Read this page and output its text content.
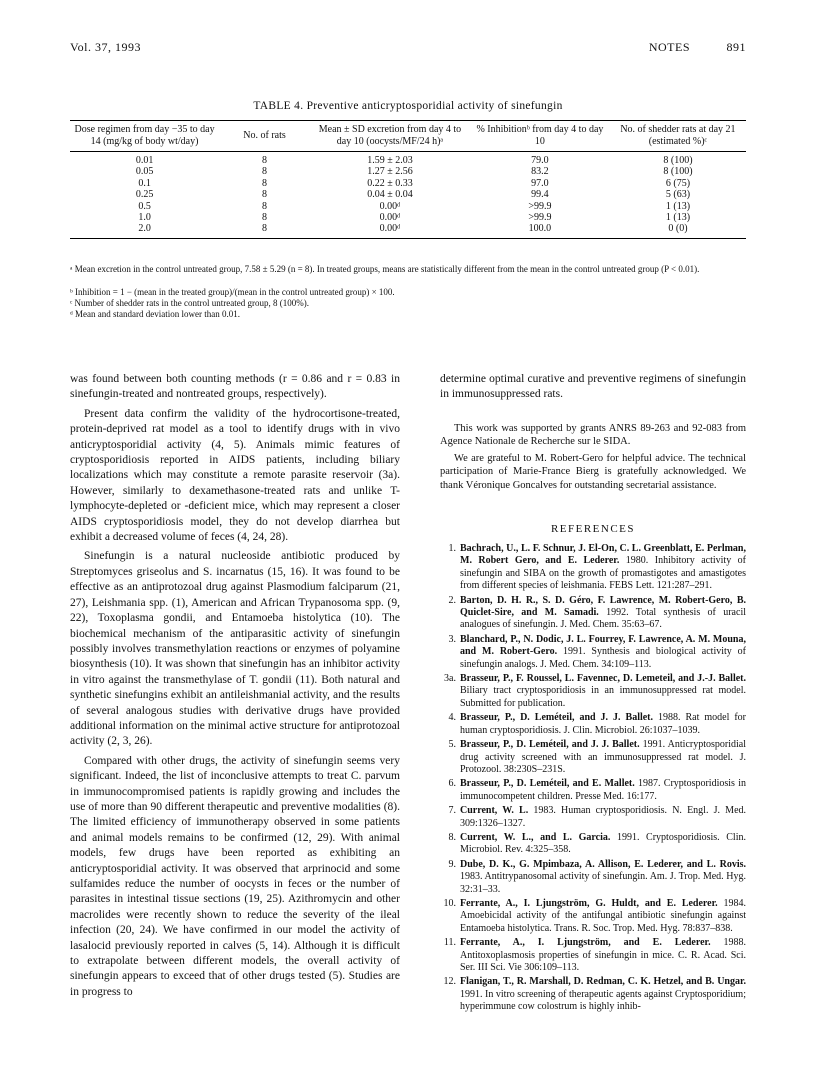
Vol. 37, 1993	NOTES	891
TABLE 4. Preventive anticryptosporidial activity of sinefungin
Dose regimen from day −35 to day 14 (mg/kg of body wt/day)	No. of rats	Mean ± SD excretion from day 4 to day 10 (oocysts/MF/24 h)ᵃ	% Inhibitionᵇ from day 4 to day 10	No. of shedder rats at day 21 (estimated %)ᶜ
0.01	8	1.59 ± 2.03	79.0	8 (100)
0.05	8	1.27 ± 2.56	83.2	8 (100)
0.1	8	0.22 ± 0.33	97.0	6 (75)
0.25	8	0.04 ± 0.04	99.4	5 (63)
0.5	8	0.00ᵈ	>99.9	1 (13)
1.0	8	0.00ᵈ	>99.9	1 (13)
2.0	8	0.00ᵈ	100.0	0 (0)
ᵃ Mean excretion in the control untreated group, 7.58 ± 5.29 (n = 8). In treated groups, means are statistically different from the mean in the control untreated group (P < 0.01).
ᵇ Inhibition = 1 − (mean in the treated group)/(mean in the control untreated group) × 100.
ᶜ Number of shedder rats in the control untreated group, 8 (100%).
ᵈ Mean and standard deviation lower than 0.01.

was found between both counting methods (r = 0.86 and r = 0.83 in sinefungin-treated and nontreated groups, respectively).

Present data confirm the validity of the hydrocortisone-treated, protein-deprived rat model as a tool to identify drugs with in vivo anticryptosporidial activity (4, 5). Animals mimic features of cryptosporidiosis reported in AIDS patients, including biliary localizations which may constitute a remote parasite reservoir (3a). However, similarly to dexamethasone-treated rats and unlike T-lymphocyte-depleted or -deficient mice, which may represent a closer AIDS cryptosporidiosis model, they do not develop diarrhea but exhibit a decreased volume of feces (4, 24, 28).

Sinefungin is a natural nucleoside antibiotic produced by Streptomyces griseolus and S. incarnatus (15, 16). It was found to be effective as an antiprotozoal drug against Plasmodium falciparum (21, 27), Leishmania spp. (1), American and African Trypanosoma spp. (9, 22), Toxoplasma gondii, and Entamoeba histolytica (10). The biochemical mechanism of the antiparasitic activity of sinefungin possibly involves transmethylation reactions or enzymes of polyamine biosynthesis (10). It was shown that sinefungin has an inhibitor activity in vitro against the transmethylase of T. gondii (11). Both natural and synthetic sinefungins exhibit an antileishmanial activity, and the results of several analogous studies with derivative drugs have provided additional information on the minimal active structure for antiprotozoal activity (2, 3, 26).

Compared with other drugs, the activity of sinefungin seems very significant. Indeed, the list of inconclusive attempts to treat C. parvum in immunocompromised patients is rapidly growing and includes the use of more than 90 different therapeutic and preventive modalities (8). The limited efficiency of immunotherapy observed in some patients and animal models remains to be confirmed (12, 29). With animal models, few drugs have been reported as exhibiting an anticryptosporidial activity. It was observed that arprinocid and some sulfamides reduce the number of oocysts in feces or the number of parasites in intestinal tissue sections (19, 25). Azithromycin and other macrolides were recently shown to reduce the severity of the ileal infection (20, 24). We have confirmed in our model the activity of lasalocid previously reported in calves (5, 14). Although it is difficult to extrapolate between different models, the overall activity of sinefungin appears to exceed that of other drugs tested (5). Studies are in progress to

determine optimal curative and preventive regimens of sinefungin in immunosuppressed rats.

This work was supported by grants ANRS 89-263 and 92-083 from Agence Nationale de Recherche sur le SIDA.

We are grateful to M. Robert-Gero for helpful advice. The technical participation of Marie-France Bierg is gratefully acknowledged. We thank Véronique Goncalves for outstanding secretarial assistance.

REFERENCES
1. Bachrach, U., L. F. Schnur, J. El-On, C. L. Greenblatt, E. Perlman, M. Robert Gero, and E. Lederer. 1980. Inhibitory activity of sinefungin and SIBA on the growth of promastigotes and amastigotes from different species of leishmania. FEBS Lett. 121:287–291.
2. Barton, D. H. R., S. D. Géro, F. Lawrence, M. Robert-Gero, B. Quiclet-Sire, and M. Samadi. 1992. Total synthesis of uracil analogues of sinefungin. J. Med. Chem. 35:63–67.
3. Blanchard, P., N. Dodic, J. L. Fourrey, F. Lawrence, A. M. Mouna, and M. Robert-Gero. 1991. Synthesis and biological activity of sinefungin analogs. J. Med. Chem. 34:109–113.
3a. Brasseur, P., F. Roussel, L. Favennec, D. Lemeteil, and J.-J. Ballet. Biliary tract cryptosporidiosis in an immunosuppressed rat model. Submitted for publication.
4. Brasseur, P., D. Leméteil, and J. J. Ballet. 1988. Rat model for human cryptosporidiosis. J. Clin. Microbiol. 26:1037–1039.
5. Brasseur, P., D. Leméteil, and J. J. Ballet. 1991. Anticryptosporidial drug activity screened with an immunosuppressed rat model. J. Protozool. 38:230S–231S.
6. Brasseur, P., D. Leméteil, and E. Mallet. 1987. Cryptosporidiosis in immunocompetent children. Presse Med. 16:177.
7. Current, W. L. 1983. Human cryptosporidiosis. N. Engl. J. Med. 309:1326–1327.
8. Current, W. L., and L. Garcia. 1991. Cryptosporidiosis. Clin. Microbiol. Rev. 4:325–358.
9. Dube, D. K., G. Mpimbaza, A. Allison, E. Lederer, and L. Rovis. 1983. Antitrypanosomal activity of sinefungin. Am. J. Trop. Med. Hyg. 32:31–33.
10. Ferrante, A., I. Ljungström, G. Huldt, and E. Lederer. 1984. Amoebicidal activity of the antifungal antibiotic sinefungin against Entamoeba histolytica. Trans. R. Soc. Trop. Med. Hyg. 78:837–838.
11. Ferrante, A., I. Ljungström, and E. Lederer. 1988. Antitoxoplasmosis properties of sinefungin in mice. C. R. Acad. Sci. Ser. III Sci. Vie 306:109–113.
12. Flanigan, T., R. Marshall, D. Redman, C. K. Hetzel, and B. Ungar. 1991. In vitro screening of therapeutic agents against Cryptosporidium; hyperimmune cow colostrum is highly inhib-
